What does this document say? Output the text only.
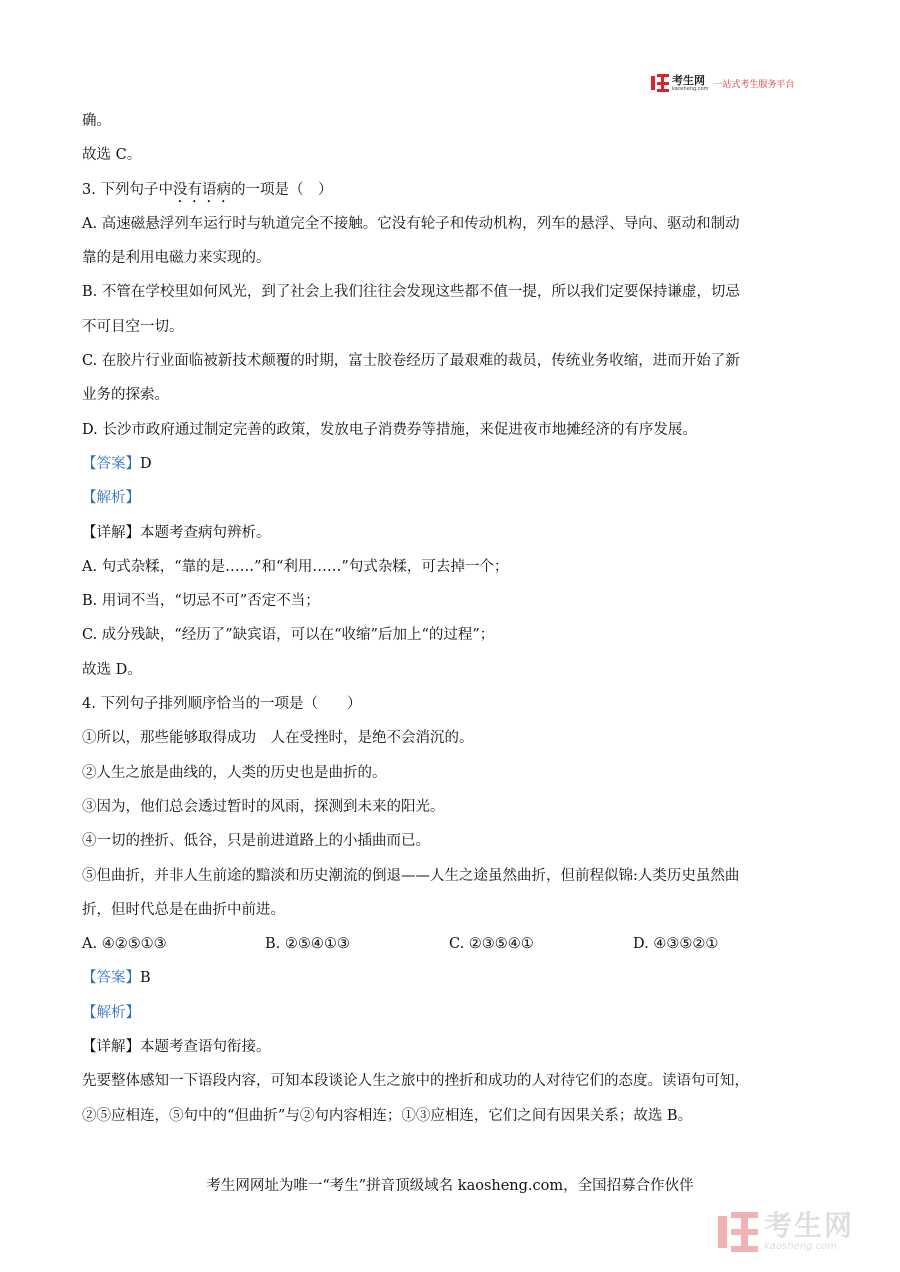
考生网
kaosheng.com 一站式考生服务平台
确。
故选 C。
3. 下列句子中没有语病的一项是（　）
A. 高速磁悬浮列车运行时与轨道完全不接触。它没有轮子和传动机构，列车的悬浮、导向、驱动和制动
靠的是利用电磁力来实现的。
B. 不管在学校里如何风光，到了社会上我们往往会发现这些都不值一提，所以我们定要保持谦虚，切忌
不可目空一切。
C. 在胶片行业面临被新技术颠覆的时期，富士胶卷经历了最艰难的裁员，传统业务收缩，进而开始了新
业务的探索。
D. 长沙市政府通过制定完善的政策，发放电子消费券等措施，来促进夜市地摊经济的有序发展。
【答案】D
【解析】
【详解】本题考查病句辨析。
A. 句式杂糅，“靠的是……”和“利用……”句式杂糅，可去掉一个；
B. 用词不当，“切忌不可”否定不当；
C. 成分残缺，“经历了”缺宾语，可以在“收缩”后加上“的过程”；
故选 D。
4. 下列句子排列顺序恰当的一项是（　　）
①所以，那些能够取得成功　人在受挫时，是绝不会消沉的。
②人生之旅是曲线的，人类的历史也是曲折的。
③因为，他们总会透过暂时的风雨，探测到未来的阳光。
④一切的挫折、低谷，只是前进道路上的小插曲而已。
⑤但曲折，并非人生前途的黯淡和历史潮流的倒退——人生之途虽然曲折，但前程似锦:人类历史虽然曲
折，但时代总是在曲折中前进。
A. ④②⑤①③	B. ②⑤④①③	C. ②③⑤④①	D. ④③⑤②①
【答案】B
【解析】
【详解】本题考查语句衔接。
先要整体感知一下语段内容，可知本段谈论人生之旅中的挫折和成功的人对待它们的态度。读语句可知，
②⑤应相连，⑤句中的“但曲折”与②句内容相连；①③应相连，它们之间有因果关系；故选 B。
考生网网址为唯一“考生”拼音顶级域名 kaosheng.com，全国招募合作伙伴
考生网
kaosheng.com
